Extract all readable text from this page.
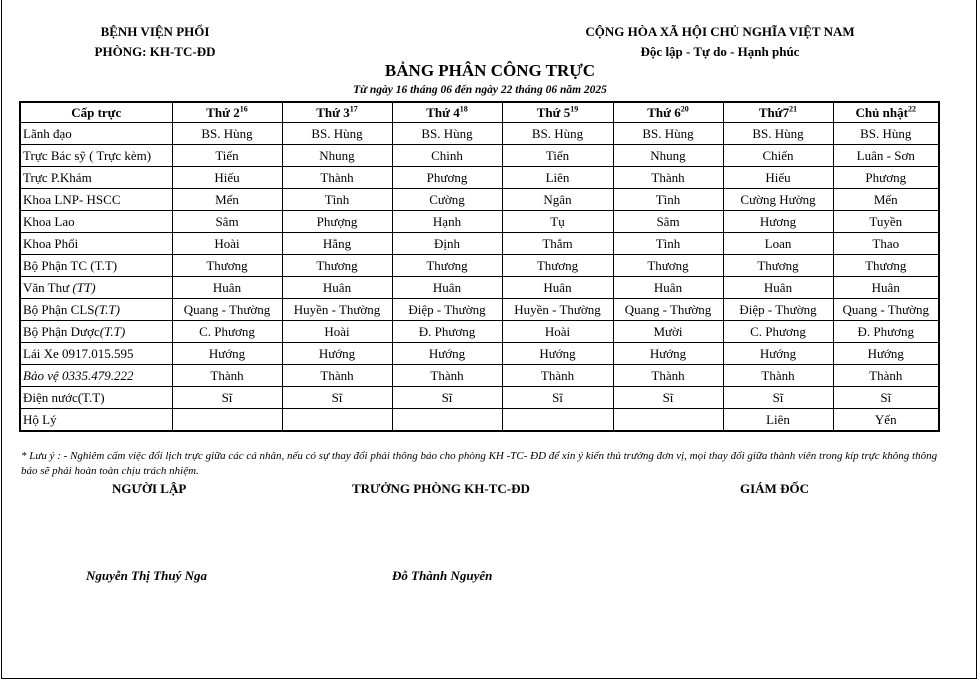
BỆNH VIỆN PHỔI
PHÒNG: KH-TC-ĐD
CỘNG HÒA XÃ HỘI CHỦ NGHĨA VIỆT NAM
Độc lập - Tự do - Hạnh phúc
BẢNG PHÂN CÔNG TRỰC
Từ ngày 16 tháng 06 đến ngày 22 tháng 06 năm 2025
Cấp trực	Thứ $2^{16}$	Thứ $3^{17}$	Thứ $4^{18}$	Thứ $5^{19}$	Thứ $6^{20}$	$Thứ7^{21}$	Chủ nhật$^{22}$
Lãnh đạo	BS. Hùng	BS. Hùng	BS. Hùng	BS. Hùng	BS. Hùng	BS. Hùng	BS. Hùng
Trực Bác sỹ ( Trực kèm)	Tiến	Nhung	Chinh	Tiến	Nhung	Chiến	Luân - Sơn
Trực P.Khám	Hiếu	Thành	Phương	Liên	Thành	Hiếu	Phương
Khoa LNP- HSCC	Mến	Tình	Cường	Ngân	Tình	Cường Hường	Mến
Khoa Lao	Sâm	Phượng	Hạnh	Tụ	Sâm	Hương	Tuyền
Khoa Phổi	Hoài	Hằng	Định	Thắm	Tình	Loan	Thao
Bộ Phận TC (T.T)	Thương	Thương	Thương	Thương	Thương	Thương	Thương
Văn Thư (TT)	Huân	Huân	Huân	Huân	Huân	Huân	Huân
Bộ Phận CLS(T.T)	Quang - Thường	Huyền - Thường	Điệp - Thường	Huyền - Thường	Quang - Thường	Điệp - Thường	Quang - Thường
Bộ Phận Dược(T.T)	C. Phương	Hoài	Đ. Phương	Hoài	Mười	C. Phương	Đ. Phương
Lái Xe 0917.015.595	Hướng	Hướng	Hướng	Hướng	Hướng	Hướng	Hướng
Bảo vệ 0335.479.222	Thành	Thành	Thành	Thành	Thành	Thành	Thành
Điện nước(T.T)	Sĩ	Sĩ	Sĩ	Sĩ	Sĩ	Sĩ	Sĩ
Hộ Lý						Liên	Yến
* Lưu ý : - Nghiêm cấm việc đổi lịch trực giữa các cá nhân, nếu có sự thay đổi phải thông báo cho phòng KH -TC- ĐD để xin ý kiến thủ trưởng đơn vị, mọi thay đổi giữa thành viên trong kíp trực không thông báo sẽ phải hoàn toàn chịu trách nhiệm.
NGƯỜI LẬP	TRƯỞNG PHÒNG KH-TC-ĐD	GIÁM ĐỐC
Nguyễn Thị Thuý Nga	Đỗ Thành Nguyên
